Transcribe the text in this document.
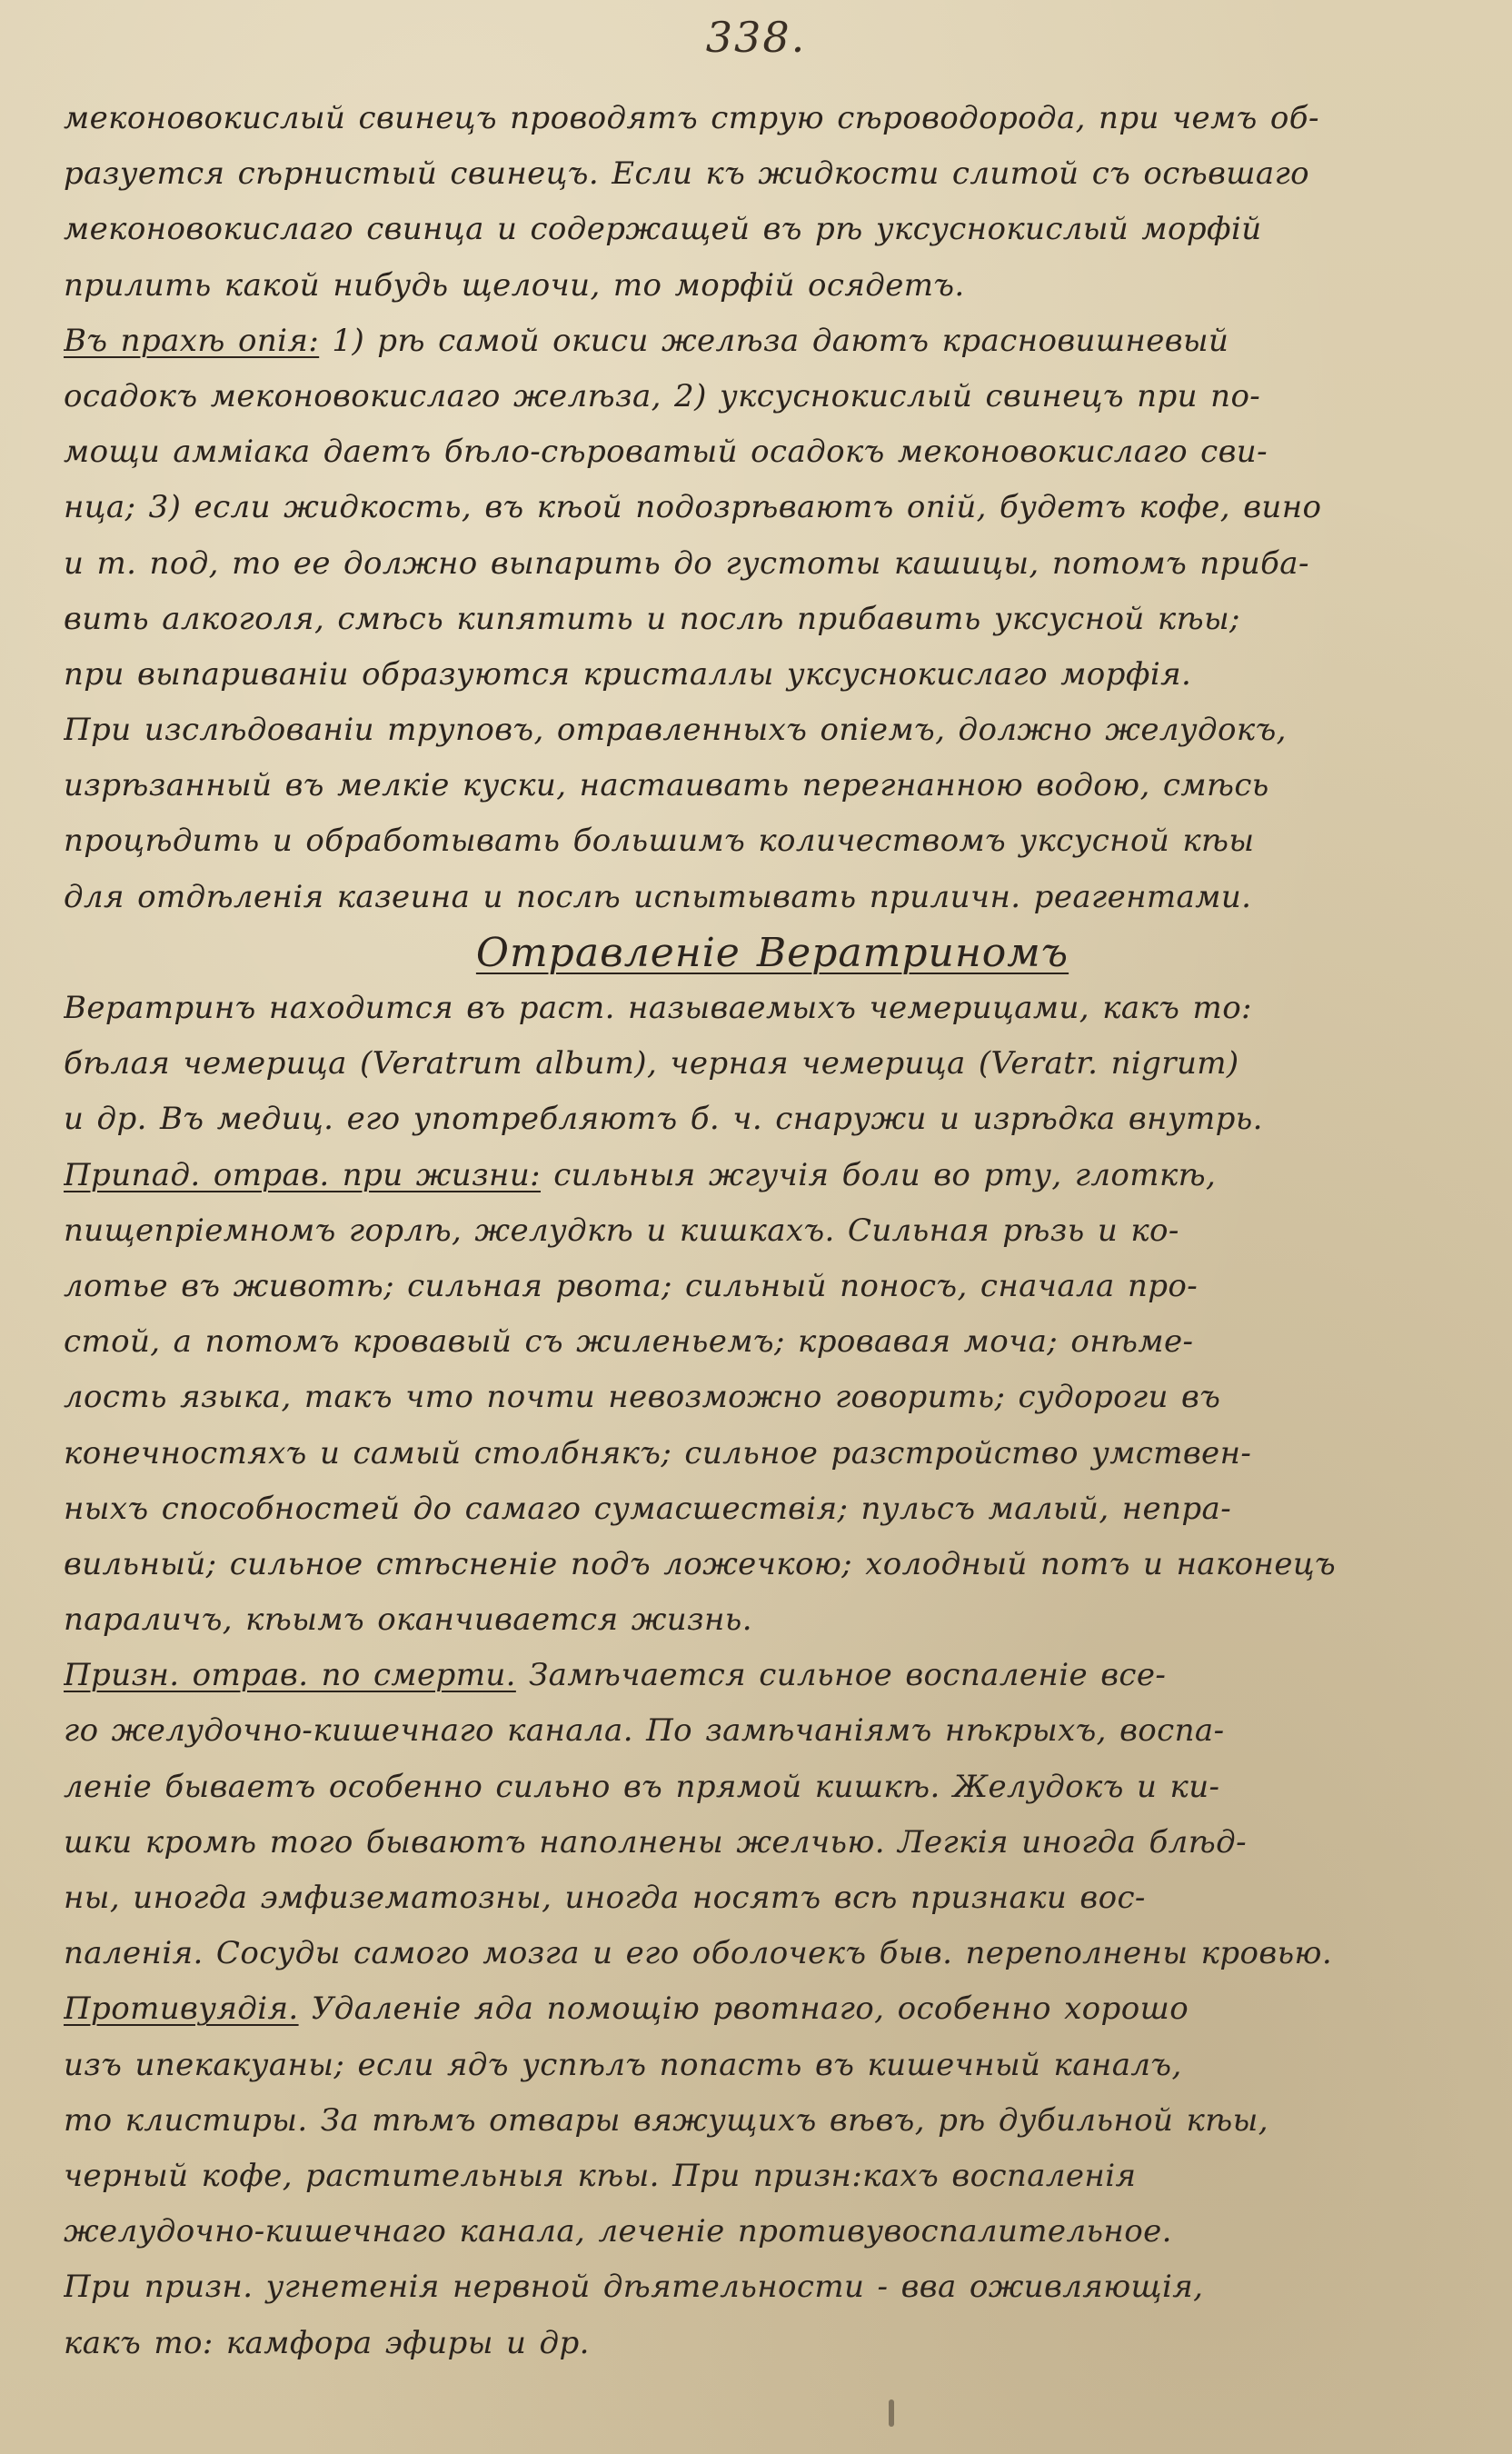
338.
меконовокислый свинецъ проводятъ струю сѣроводорода, при чемъ об-
разуется сѣрнистый свинецъ. Если къ жидкости слитой съ осѣвшаго
меконовокислаго свинца и содержащей въ рѣ уксуснокислый морфій
прилить какой нибудь щелочи, то морфій осядетъ.
Въ прахѣ опія: 1) рѣ самой окиси желѣза даютъ красновишневый
осадокъ меконовокислаго желѣза, 2) уксуснокислый свинецъ при по-
мощи аммiака даетъ бѣло-сѣроватый осадокъ меконовокислаго сви-
нца; 3) если жидкость, въ кѣой подозрѣваютъ опій, будетъ кофе, вино
и т. под, то ее должно выпарить до густоты кашицы, потомъ приба-
вить алкоголя, смѣсь кипятить и послѣ прибавить уксусной кѣы;
при выпариваніи образуются кристаллы уксуснокислаго морфія.
При изслѣдованіи труповъ, отравленныхъ опіемъ, должно желудокъ,
изрѣзанный въ мелкіе куски, настаивать перегнанною водою, смѣсь
процѣдить и обработывать большимъ количествомъ уксусной кѣы
для отдѣленія казеина и послѣ испытывать приличн. реагентами.
Отравленіе Вератриномъ
Вератринъ находится въ раст. называемыхъ чемерицами, какъ то:
бѣлая чемерица (Veratrum album), черная чемерица (Veratr. nigrum)
и др. Въ медиц. его употребляютъ б. ч. снаружи и изрѣдка внутрь.
Припад. отрав. при жизни: сильныя жгучія боли во рту, глоткѣ,
пищепрiемномъ горлѣ, желудкѣ и кишкахъ. Сильная рѣзь и ко-
лотье въ животѣ; сильная рвота; сильный поносъ, сначала про-
стой, а потомъ кровавый съ жиленьемъ; кровавая моча; онѣме-
лость языка, такъ что почти невозможно говорить; судороги въ
конечностяхъ и самый столбнякъ; сильное разстройство умствен-
ныхъ способностей до самаго сумасшествія; пульсъ малый, непра-
вильный; сильное стѣсненіе подъ ложечкою; холодный потъ и наконецъ
параличъ, кѣымъ оканчивается жизнь.
Призн. отрав. по смерти. Замѣчается сильное воспаленіе все-
го желудочно-кишечнаго канала. По замѣчаніямъ нѣкрыхъ, воспа-
ленiе бываетъ особенно сильно въ прямой кишкѣ. Желудокъ и ки-
шки кромѣ того бываютъ наполнены желчью. Легкія иногда блѣд-
ны, иногда эмфизематозны, иногда носятъ всѣ признаки вос-
паленія. Сосуды самого мозга и его оболочекъ быв. переполнены кровью.
Противуядія. Удаленіе яда помощію рвотнаго, особенно хорошо
изъ ипекакуаны; если ядъ успѣлъ попасть въ кишечный каналъ,
то клистиры. За тѣмъ отвары вяжущихъ вѣвъ, рѣ дубильной кѣы,
черный кофе, растительныя кѣы. При призн:кахъ воспаленія
желудочно-кишечнаго канала, леченіе противувоспалительное.
При призн. угнетенія нервной дѣятельности - вва оживляющія,
какъ то: камфора эфиры и др.
